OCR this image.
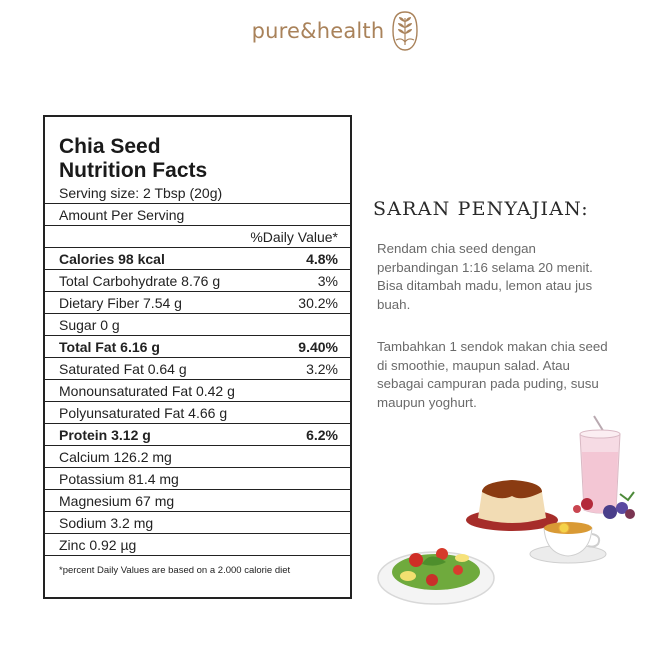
pure&health
Chia Seed
Nutrition Facts
Serving size: 2 Tbsp (20g)
Amount Per Serving
%Daily Value*
Calories 98 kcal	4.8%
Total Carbohydrate 8.76 g	3%
Dietary Fiber 7.54 g	30.2%
Sugar 0 g
Total Fat 6.16 g	9.40%
Saturated Fat 0.64 g	3.2%
Monounsaturated Fat 0.42 g
Polyunsaturated Fat 4.66 g
Protein 3.12 g	6.2%
Calcium 126.2 mg
Potassium 81.4 mg
Magnesium 67 mg
Sodium 3.2 mg
Zinc 0.92 µg
*percent Daily Values are based on a 2.000 calorie diet
SARAN PENYAJIAN:
Rendam chia seed dengan perbandingan 1:16 selama 20 menit. Bisa ditambah madu, lemon atau jus buah.
Tambahkan 1 sendok makan chia seed di smoothie, maupun salad. Atau sebagai campuran pada puding, susu maupun yoghurt.
